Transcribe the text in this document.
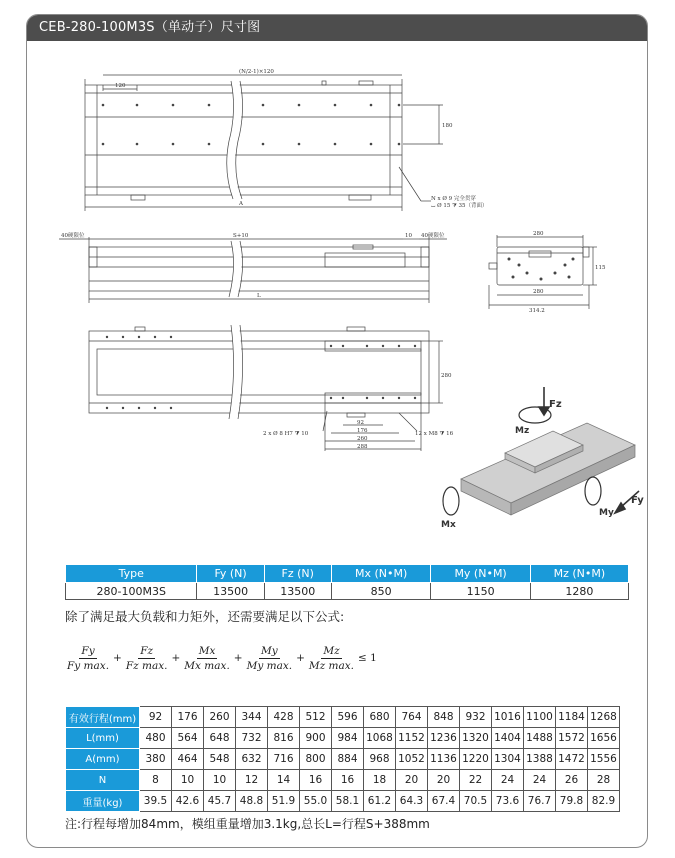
CEB-280-100M3S（单动子）尺寸图
(N/2-1)×120
120
180
A
N x Ø 9 完全贯穿
⌴ Ø 15 ⧩ 35（背面）
40硬限位	S+10	10 40硬限位
L
280
115
280
314.2
280
2 x Ø 8 H7 ⧩ 10
92
176
260
288
12 x M8 ⧩ 16
Fz
Mz
Fy
My
Mx
Type	Fy (N)	Fz (N)	Mx (N•M)	My (N•M)	Mz (N•M)
280-100M3S	13500	13500	850	1150	1280
除了满足最大负载和力矩外，还需要满足以下公式:
$\frac{Fy}{\text{Fy max.}} + \frac{Fz}{\text{Fz max.}} + \frac{Mx}{\text{Mx max.}} + \frac{My}{\text{My max.}} + \frac{Mz}{\text{Mz max.}} \le 1$
有效行程(mm)	92	176	260	344	428	512	596	680	764	848	932	1016	1100	1184	1268
L(mm)	480	564	648	732	816	900	984	1068	1152	1236	1320	1404	1488	1572	1656
A(mm)	380	464	548	632	716	800	884	968	1052	1136	1220	1304	1388	1472	1556
N	8	10	10	12	14	16	16	18	20	20	22	24	24	26	28
重量(kg)	39.5	42.6	45.7	48.8	51.9	55.0	58.1	61.2	64.3	67.4	70.5	73.6	76.7	79.8	82.9
注:行程每增加84mm，模组重量增加3.1kg,总长L=行程S+388mm
